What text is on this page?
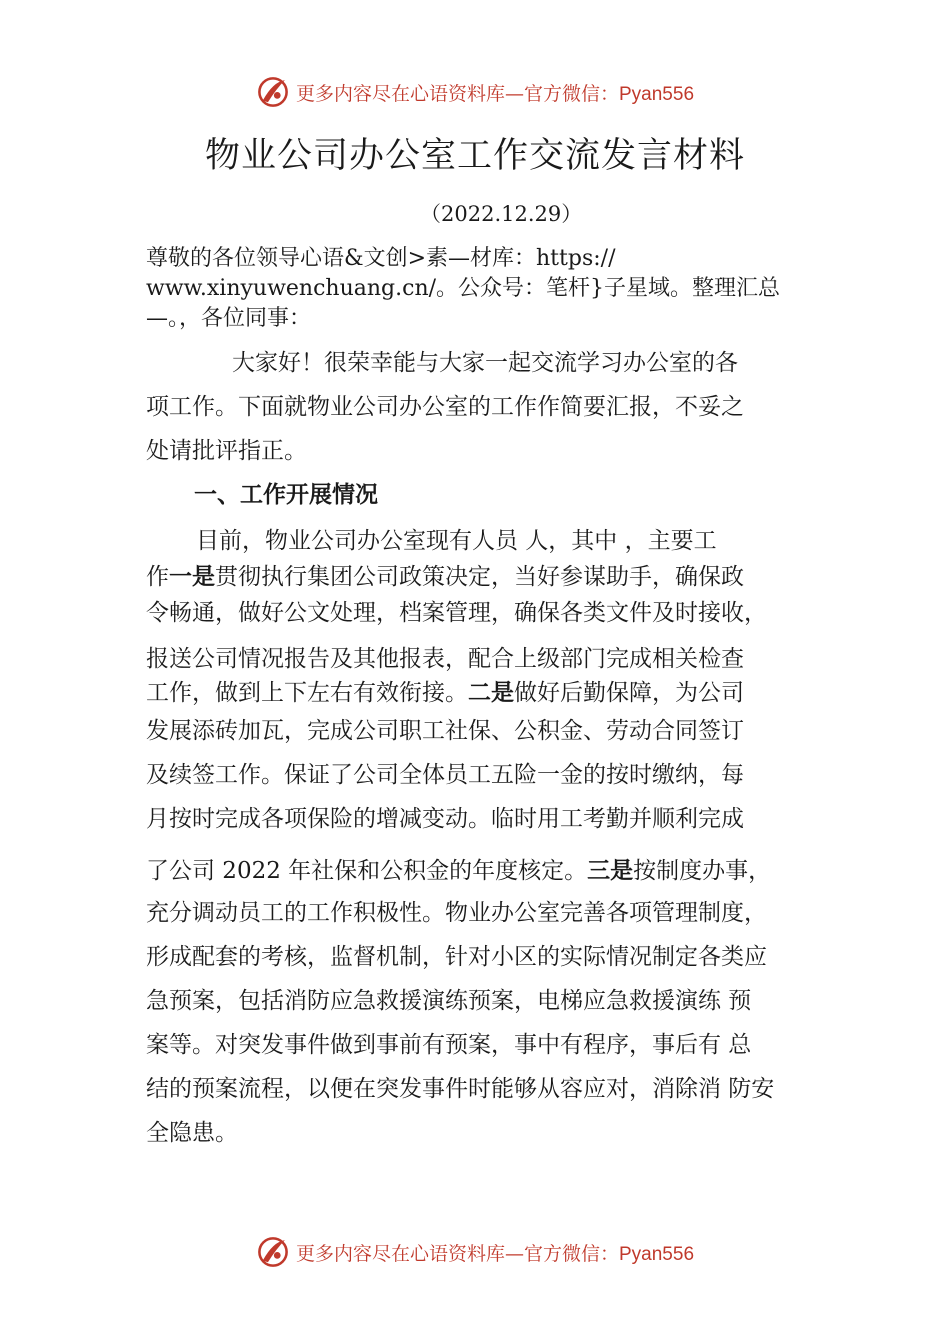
更多内容尽在心语资料库—官方微信：Pyan556
物业公司办公室工作交流发言材料
（2022.12.29）
尊敬的各位领导心语&文创>素—材库：https://
www.xinyuwenchuang.cn/。公众号：笔杆}子星域。整理汇总
—。，各位同事：
大家好！很荣幸能与大家一起交流学习办公室的各
项工作。下面就物业公司办公室的工作作简要汇报，不妥之
处请批评指正。
一、工作开展情况
目前，物业公司办公室现有人员 人，其中 ，主要工
作一是贯彻执行集团公司政策决定，当好参谋助手，确保政
令畅通，做好公文处理，档案管理，确保各类文件及时接收，
报送公司情况报告及其他报表，配合上级部门完成相关检查
工作，做到上下左右有效衔接。二是做好后勤保障，为公司
发展添砖加瓦，完成公司职工社保、公积金、劳动合同签订
及续签工作。保证了公司全体员工五险一金的按时缴纳，每
月按时完成各项保险的增减变动。临时用工考勤并顺利完成
了公司 2022 年社保和公积金的年度核定。三是按制度办事，
充分调动员工的工作积极性。物业办公室完善各项管理制度，
形成配套的考核，监督机制，针对小区的实际情况制定各类应
急预案，包括消防应急救援演练预案，电梯应急救援演练 预
案等。对突发事件做到事前有预案，事中有程序，事后有 总
结的预案流程，以便在突发事件时能够从容应对，消除消 防安
全隐患。
更多内容尽在心语资料库—官方微信：Pyan556
